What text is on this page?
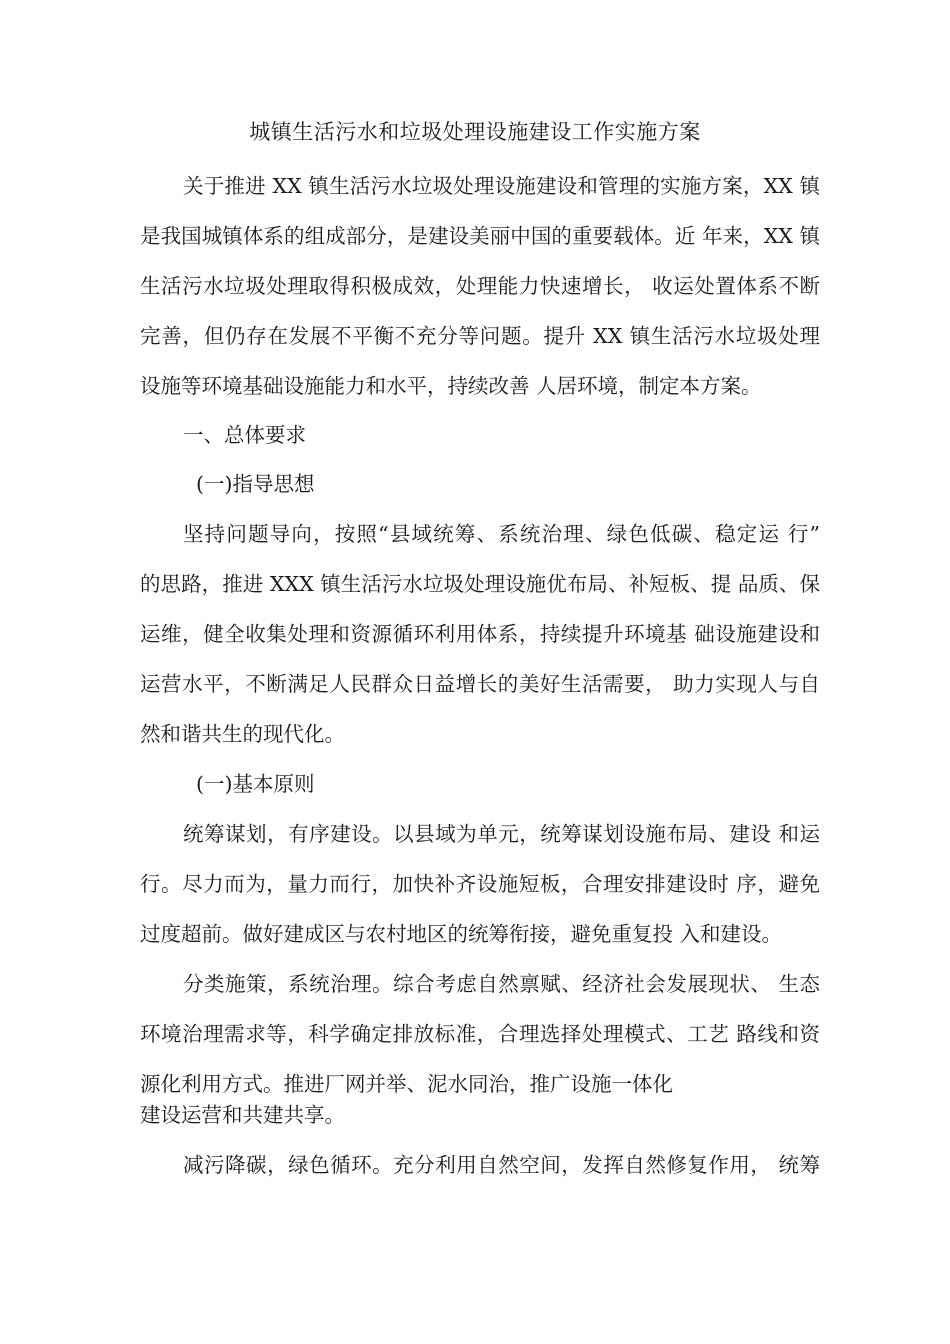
城镇生活污水和垃圾处理设施建设工作实施方案
关于推进 XX 镇生活污水垃圾处理设施建设和管理的实施方案，XX 镇
是我国城镇体系的组成部分，是建设美丽中国的重要载体。近 年来，XX 镇
生活污水垃圾处理取得积极成效，处理能力快速增长， 收运处置体系不断
完善，但仍存在发展不平衡不充分等问题。提升 XX 镇生活污水垃圾处理
设施等环境基础设施能力和水平，持续改善 人居环境，制定本方案。
一、总体要求
(一)指导思想
坚持问题导向，按照“县域统筹、系统治理、绿色低碳、稳定运 行”
的思路，推进 XXX 镇生活污水垃圾处理设施优布局、补短板、提 品质、保
运维，健全收集处理和资源循环利用体系，持续提升环境基 础设施建设和
运营水平，不断满足人民群众日益增长的美好生活需要， 助力实现人与自
然和谐共生的现代化。
(一)基本原则
统筹谋划，有序建设。以县域为单元，统筹谋划设施布局、建设 和运
行。尽力而为，量力而行，加快补齐设施短板，合理安排建设时 序，避免
过度超前。做好建成区与农村地区的统筹衔接，避免重复投 入和建设。
分类施策，系统治理。综合考虑自然禀赋、经济社会发展现状、 生态
环境治理需求等，科学确定排放标准，合理选择处理模式、工艺 路线和资
源化利用方式。推进厂网并举、泥水同治，推广设施一体化
建设运营和共建共享。
减污降碳，绿色循环。充分利用自然空间，发挥自然修复作用， 统筹
